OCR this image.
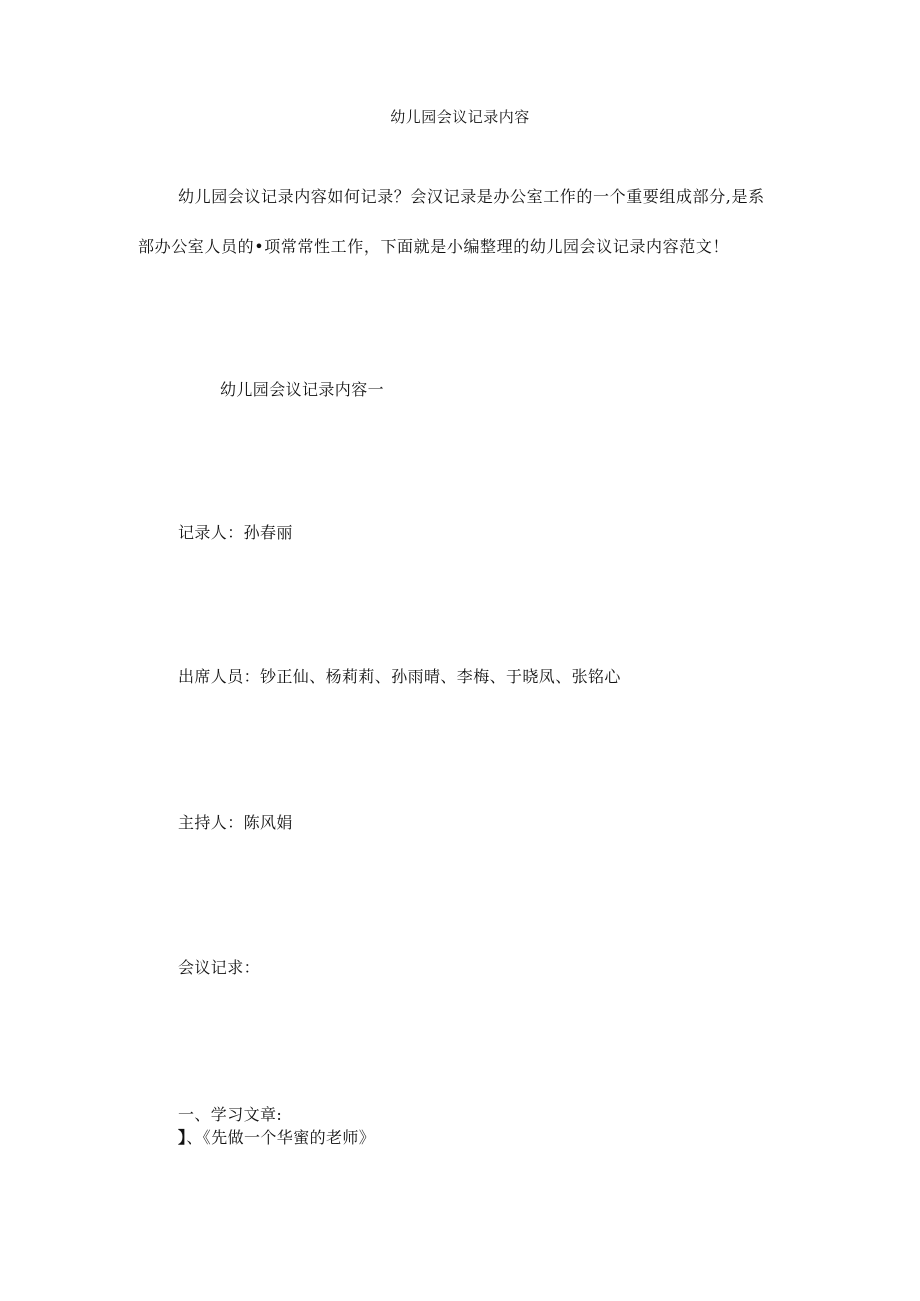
幼儿园会议记录内容

幼儿园会议记录内容如何记录？会汉记录是办公室工作的一个重要组成部分,是系

部办公室人员的•项常常性工作，下面就是小编整理的幼儿园会议记录内容范文！

幼儿园会议记录内容一

记录人：孙春丽

出席人员：钞正仙、杨莉莉、孙雨晴、李梅、于晓凤、张铭心

主持人：陈风娟

会议记求：

一、学习文章:

】、《先做一个华蜜的老师》
